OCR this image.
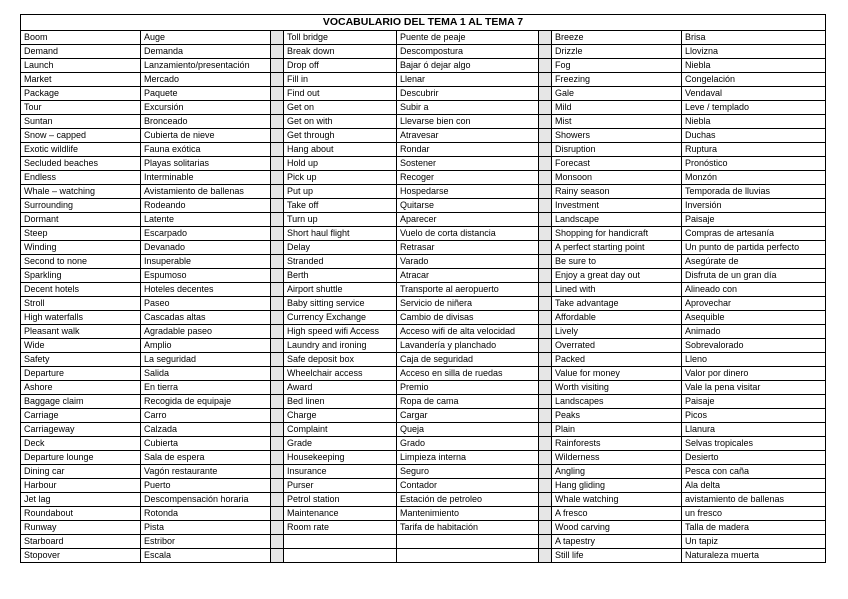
VOCABULARIO DEL TEMA 1 AL TEMA 7							
Boom	Auge		Toll bridge	Puente de peaje		Breeze	Brisa
Demand	Demanda		Break down	Descompostura		Drizzle	Llovizna
Launch	Lanzamiento/presentación		Drop off	Bajar ó dejar algo		Fog	Niebla
Market	Mercado		Fill in	Llenar		Freezing	Congelación
Package	Paquete		Find out	Descubrir		Gale	Vendaval
Tour	Excursión		Get on	Subir a		Mild	Leve / templado
Suntan	Bronceado		Get on with	Llevarse bien con		Mist	Niebla
Snow – capped	Cubierta de nieve		Get through	Atravesar		Showers	Duchas
Exotic wildlife	Fauna exótica		Hang about	Rondar		Disruption	Ruptura
Secluded beaches	Playas solitarias		Hold up	Sostener		Forecast	Pronóstico
Endless	Interminable		Pick up	Recoger		Monsoon	Monzón
Whale – watching	Avistamiento de ballenas		Put up	Hospedarse		Rainy season	Temporada de lluvias
Surrounding	Rodeando		Take off	Quitarse		Investment	Inversión
Dormant	Latente		Turn up	Aparecer		Landscape	Paisaje
Steep	Escarpado		Short haul flight	Vuelo de corta distancia		Shopping for handicraft	Compras de artesanía
Winding	Devanado		Delay	Retrasar		A perfect starting point	Un punto de partida perfecto
Second to none	Insuperable		Stranded	Varado		Be sure to	Asegúrate de
Sparkling	Espumoso		Berth	Atracar		Enjoy a great day out	Disfruta de un gran día
Decent hotels	Hoteles decentes		Airport shuttle	Transporte al aeropuerto		Lined with	Alineado con
Stroll	Paseo		Baby sitting service	Servicio de niñera		Take advantage	Aprovechar
High waterfalls	Cascadas altas		Currency Exchange	Cambio de divisas		Affordable	Asequible
Pleasant walk	Agradable paseo		High speed wifi Access	Acceso wifi de alta velocidad		Lively	Animado
Wide	Amplio		Laundry and ironing	Lavandería y planchado		Overrated	Sobrevalorado
Safety	La seguridad		Safe deposit box	Caja de seguridad		Packed	Lleno
Departure	Salida		Wheelchair access	Acceso en silla de ruedas		Value for money	Valor por dinero
Ashore	En tierra		Award	Premio		Worth visiting	Vale la pena visitar
Baggage claim	Recogida de equipaje		Bed linen	Ropa de cama		Landscapes	Paisaje
Carriage	Carro		Charge	Cargar		Peaks	Picos
Carriageway	Calzada		Complaint	Queja		Plain	Llanura
Deck	Cubierta		Grade	Grado		Rainforests	Selvas tropicales
Departure lounge	Sala de espera		Housekeeping	Limpieza interna		Wilderness	Desierto
Dining car	Vagón restaurante		Insurance	Seguro		Angling	Pesca con caña
Harbour	Puerto		Purser	Contador		Hang gliding	Ala delta
Jet lag	Descompensación horaria		Petrol station	Estación de petroleo		Whale watching	avistamiento de ballenas
Roundabout	Rotonda		Maintenance	Mantenimiento		A fresco	un fresco
Runway	Pista		Room rate	Tarifa de habitación		Wood carving	Talla de madera
Starboard	Estribor					A tapestry	Un tapiz
Stopover	Escala					Still life	Naturaleza muerta
